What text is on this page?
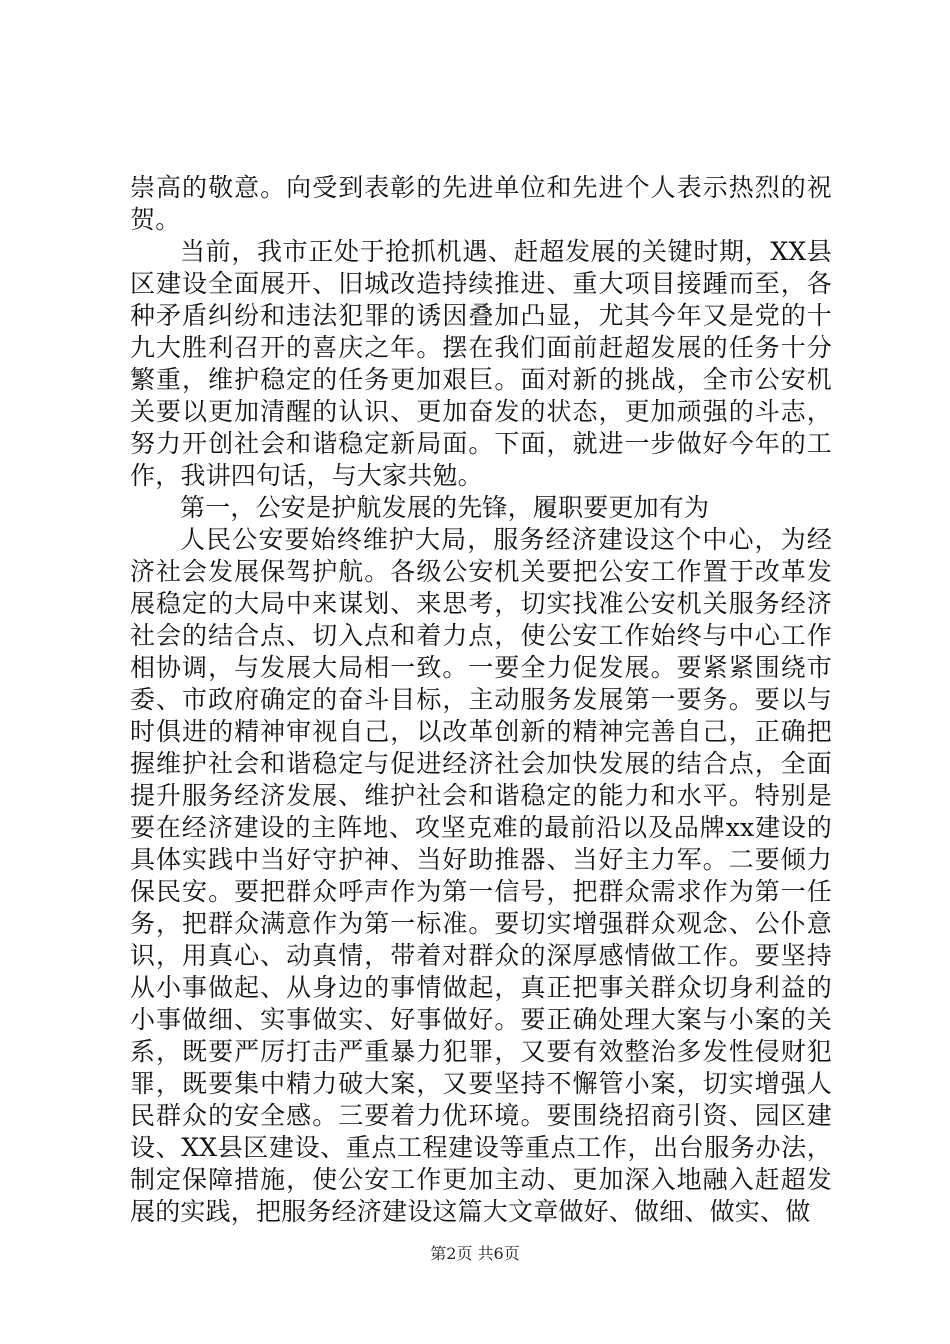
崇高的敬意。向受到表彰的先进单位和先进个人表示热烈的祝贺。

当前，我市正处于抢抓机遇、赶超发展的关键时期，XX县区建设全面展开、旧城改造持续推进、重大项目接踵而至，各种矛盾纠纷和违法犯罪的诱因叠加凸显，尤其今年又是党的十九大胜利召开的喜庆之年。摆在我们面前赶超发展的任务十分繁重，维护稳定的任务更加艰巨。面对新的挑战，全市公安机关要以更加清醒的认识、更加奋发的状态，更加顽强的斗志，努力开创社会和谐稳定新局面。下面，就进一步做好今年的工作，我讲四句话，与大家共勉。

第一，公安是护航发展的先锋，履职要更加有为

人民公安要始终维护大局，服务经济建设这个中心，为经济社会发展保驾护航。各级公安机关要把公安工作置于改革发展稳定的大局中来谋划、来思考，切实找准公安机关服务经济社会的结合点、切入点和着力点，使公安工作始终与中心工作相协调，与发展大局相一致。一要全力促发展。要紧紧围绕市委、市政府确定的奋斗目标，主动服务发展第一要务。要以与时俱进的精神审视自己，以改革创新的精神完善自己，正确把握维护社会和谐稳定与促进经济社会加快发展的结合点，全面提升服务经济发展、维护社会和谐稳定的能力和水平。特别是要在经济建设的主阵地、攻坚克难的最前沿以及品牌xx建设的具体实践中当好守护神、当好助推器、当好主力军。二要倾力保民安。要把群众呼声作为第一信号，把群众需求作为第一任务，把群众满意作为第一标准。要切实增强群众观念、公仆意识，用真心、动真情，带着对群众的深厚感情做工作。要坚持从小事做起、从身边的事情做起，真正把事关群众切身利益的小事做细、实事做实、好事做好。要正确处理大案与小案的关系，既要严厉打击严重暴力犯罪，又要有效整治多发性侵财犯罪，既要集中精力破大案，又要坚持不懈管小案，切实增强人民群众的安全感。三要着力优环境。要围绕招商引资、园区建设、XX县区建设、重点工程建设等重点工作，出台服务办法，制定保障措施，使公安工作更加主动、更加深入地融入赶超发展的实践，把服务经济建设这篇大文章做好、做细、做实、做

第2页 共6页
